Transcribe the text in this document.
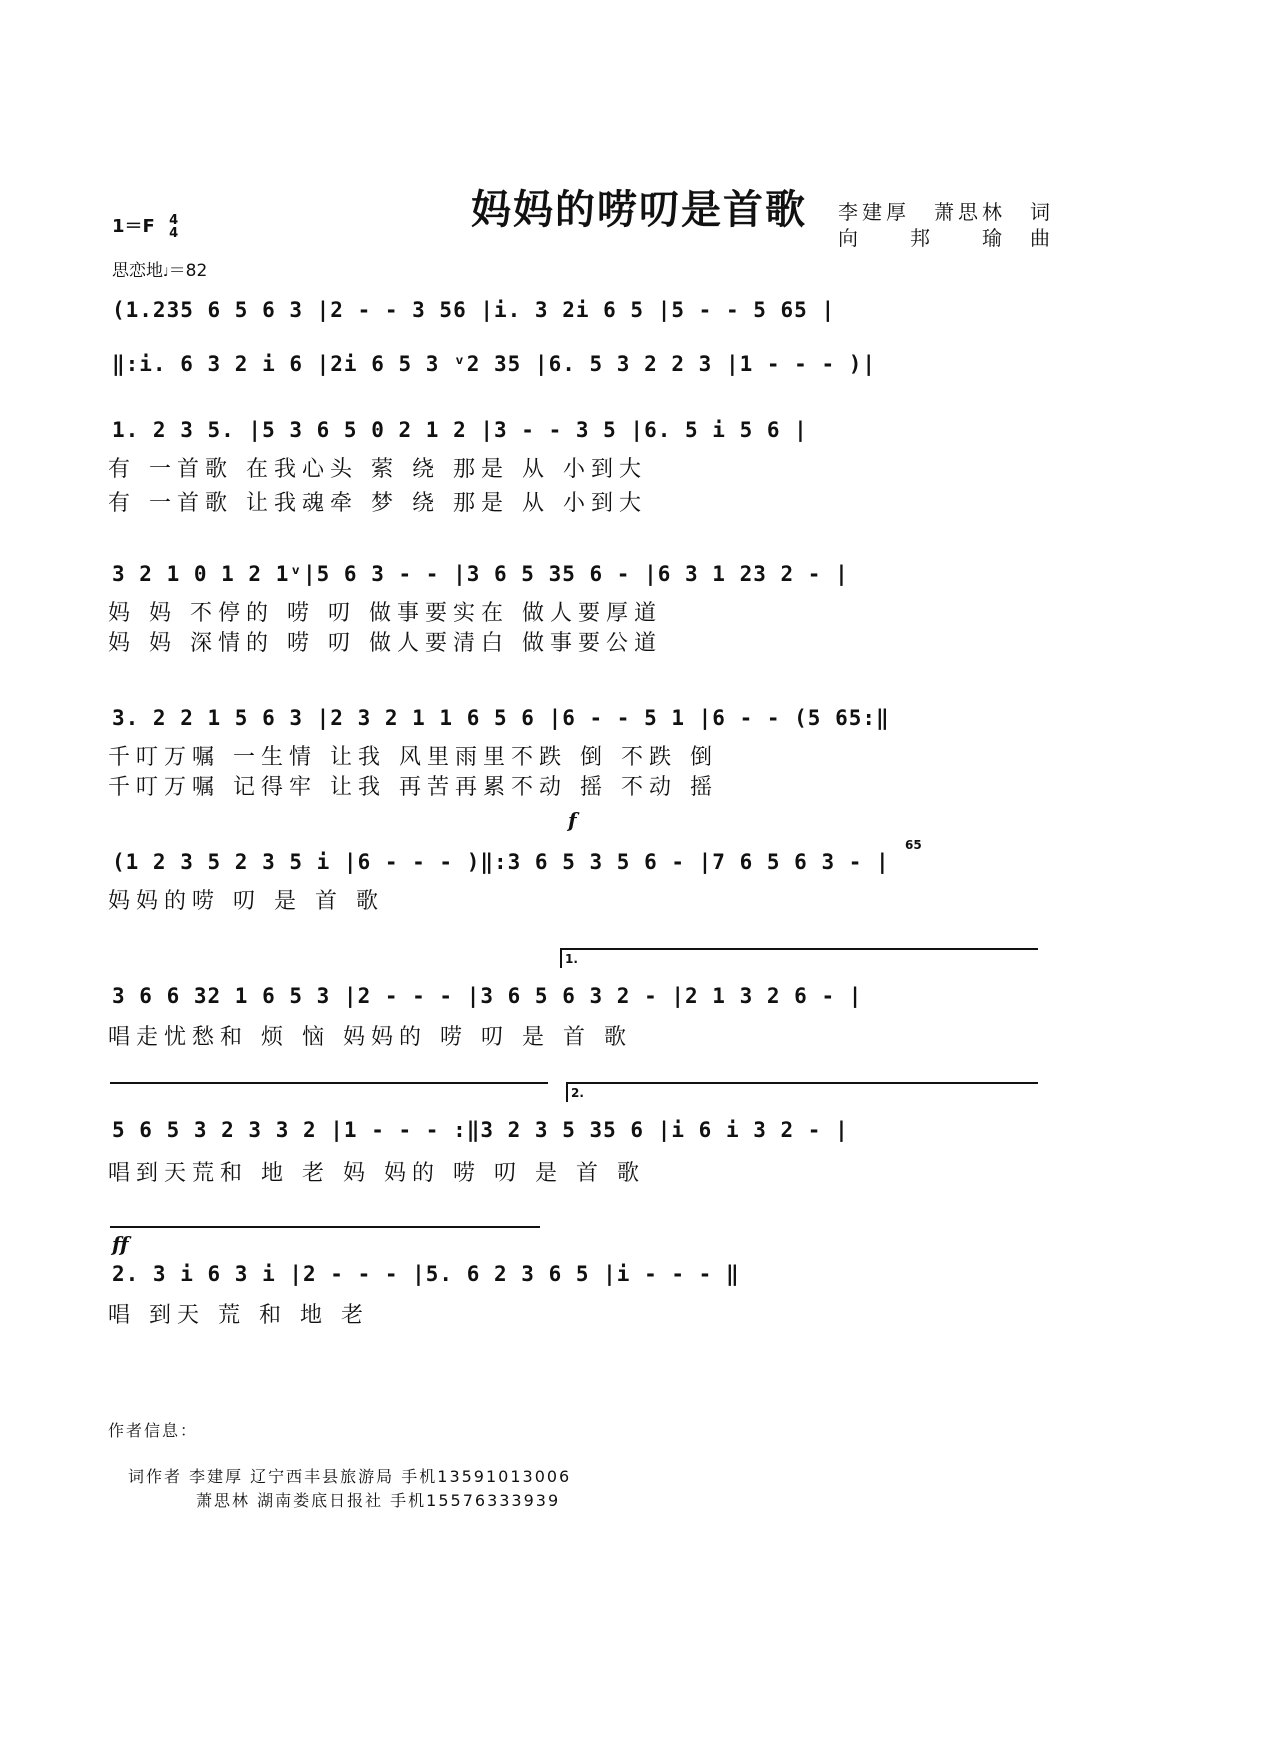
妈妈的唠叨是首歌	李建厚　萧思林　词
向　　邦　　瑜　曲
1＝F 4
4
思恋地♩＝82
(1.235 6 5 6 3 |2 - - 3 56 |i. 3 2i 6 5 |5 - - 5 65 |
‖:i. 6 3 2 i 6 |2i 6 5 3 ᵛ2 35 |6. 5 3 2 2 3 |1 - - - )|
1. 2 3 5. |5 3 6 5 0 2 1 2 |3 - - 3 5 |6. 5 i 5 6 |
有 一首歌 在我心头 萦 绕 那是 从 小到大
有 一首歌 让我魂牵 梦 绕 那是 从 小到大
3 2 1 0 1 2 1ᵛ|5 6 3 - - |3 6 5 35 6 - |6 3 1 23 2 - |
妈 妈 不停的 唠 叨 做事要实在 做人要厚道
妈 妈 深情的 唠 叨 做人要清白 做事要公道
3. 2 2 1 5 6 3 |2 3 2 1 1 6 5 6 |6 - - 5 1 |6 - - (5 65:‖
千叮万嘱 一生情 让我 风里雨里不跌 倒 不跌 倒
千叮万嘱 记得牢 让我 再苦再累不动 摇 不动 摇
f
65
(1 2 3 5 2 3 5 i |6 - - - )‖:3 6 5 3 5 6 - |7 6 5 6 3 - |
妈妈的唠 叨 是 首 歌
1.
3 6 6 32 1 6 5 3 |2 - - - |3 6 5 6 3 2 - |2 1 3 2 6 - |
唱走忧愁和 烦 恼 妈妈的 唠 叨 是 首 歌
2.
5 6 5 3 2 3 3 2 |1 - - - :‖3 2 3 5 35 6 |i 6 i 3 2 - |
唱到天荒和 地 老 妈 妈的 唠 叨 是 首 歌
ff
2. 3 i 6 3 i |2 - - - |5. 6 2 3 6 5 |i - - - ‖
唱 到天 荒 和 地 老
作者信息：
词作者 李建厚 辽宁西丰县旅游局 手机13591013006
萧思林 湖南娄底日报社 手机15576333939
